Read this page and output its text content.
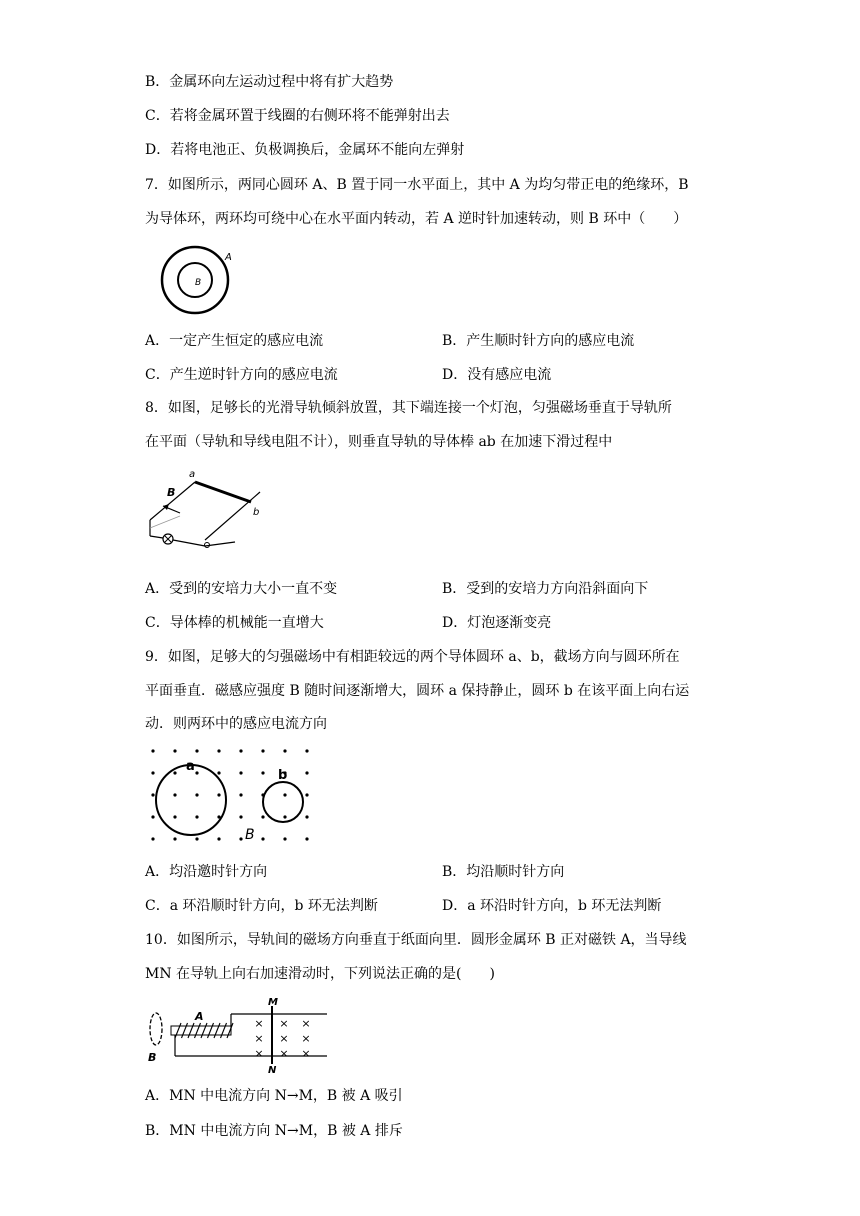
B．金属环向左运动过程中将有扩大趋势
C．若将金属环置于线圈的右侧环将不能弹射出去
D．若将电池正、负极调换后，金属环不能向左弹射
7．如图所示，两同心圆环 A、B 置于同一水平面上，其中 A 为均匀带正电的绝缘环，B
为导体环，两环均可绕中心在水平面内转动，若 A 逆时针加速转动，则 B 环中（　　）
A
B
A．一定产生恒定的感应电流	B．产生顺时针方向的感应电流
C．产生逆时针方向的感应电流	D．没有感应电流
8．如图，足够长的光滑导轨倾斜放置，其下端连接一个灯泡，匀强磁场垂直于导轨所
在平面（导轨和导线电阻不计），则垂直导轨的导体棒 ab 在加速下滑过程中
a
b
B
A．受到的安培力大小一直不变	B．受到的安培力方向沿斜面向下
C．导体棒的机械能一直增大	D．灯泡逐渐变亮
9．如图，足够大的匀强磁场中有相距较远的两个导体圆环 a、b，截场方向与圆环所在
平面垂直．磁感应强度 B 随时间逐渐增大，圆环 a 保持静止，圆环 b 在该平面上向右运
动．则两环中的感应电流方向
a
b
B
A．均沿邀时针方向	B．均沿顺时针方向
C．a 环沿顺时针方向，b 环无法判断	D．a 环沿时针方向，b 环无法判断
10．如图所示，导轨间的磁场方向垂直于纸面向里．圆形金属环 B 正对磁铁 A，当导线
MN 在导轨上向右加速滑动时，下列说法正确的是(　　)
B
A
M
N
× × ×
× × ×
× × ×
A．MN 中电流方向 N→M，B 被 A 吸引
B．MN 中电流方向 N→M，B 被 A 排斥
